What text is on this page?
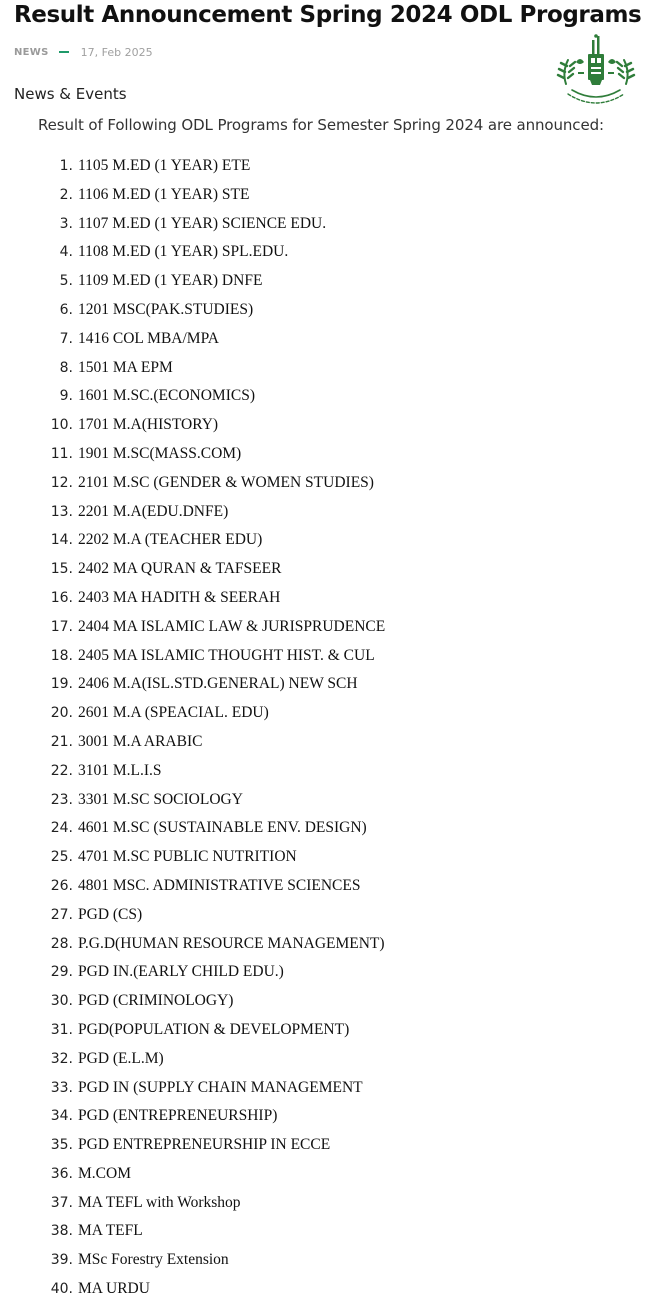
Result Announcement Spring 2024 ODL Programs
NEWS	17, Feb 2025
News & Events
Result of Following ODL Programs for Semester Spring 2024 are announced:
1. 1105 M.ED (1 YEAR) ETE
2. 1106 M.ED (1 YEAR) STE
3. 1107 M.ED (1 YEAR) SCIENCE EDU.
4. 1108 M.ED (1 YEAR) SPL.EDU.
5. 1109 M.ED (1 YEAR) DNFE
6. 1201 MSC(PAK.STUDIES)
7. 1416 COL MBA/MPA
8. 1501 MA EPM
9. 1601 M.SC.(ECONOMICS)
10. 1701 M.A(HISTORY)
11. 1901 M.SC(MASS.COM)
12. 2101 M.SC (GENDER & WOMEN STUDIES)
13. 2201 M.A(EDU.DNFE)
14. 2202 M.A (TEACHER EDU)
15. 2402 MA QURAN & TAFSEER
16. 2403 MA HADITH & SEERAH
17. 2404 MA ISLAMIC LAW & JURISPRUDENCE
18. 2405 MA ISLAMIC THOUGHT HIST. & CUL
19. 2406 M.A(ISL.STD.GENERAL) NEW SCH
20. 2601 M.A (SPEACIAL. EDU)
21. 3001 M.A ARABIC
22. 3101 M.L.I.S
23. 3301 M.SC SOCIOLOGY
24. 4601 M.SC (SUSTAINABLE ENV. DESIGN)
25. 4701 M.SC PUBLIC NUTRITION
26. 4801 MSC. ADMINISTRATIVE SCIENCES
27. PGD (CS)
28. P.G.D(HUMAN RESOURCE MANAGEMENT)
29. PGD IN.(EARLY CHILD EDU.)
30. PGD (CRIMINOLOGY)
31. PGD(POPULATION & DEVELOPMENT)
32. PGD (E.L.M)
33. PGD IN (SUPPLY CHAIN MANAGEMENT
34. PGD (ENTREPRENEURSHIP)
35. PGD ENTREPRENEURSHIP IN ECCE
36. M.COM
37. MA TEFL with Workshop
38. MA TEFL
39. MSc Forestry Extension
40. MA URDU
